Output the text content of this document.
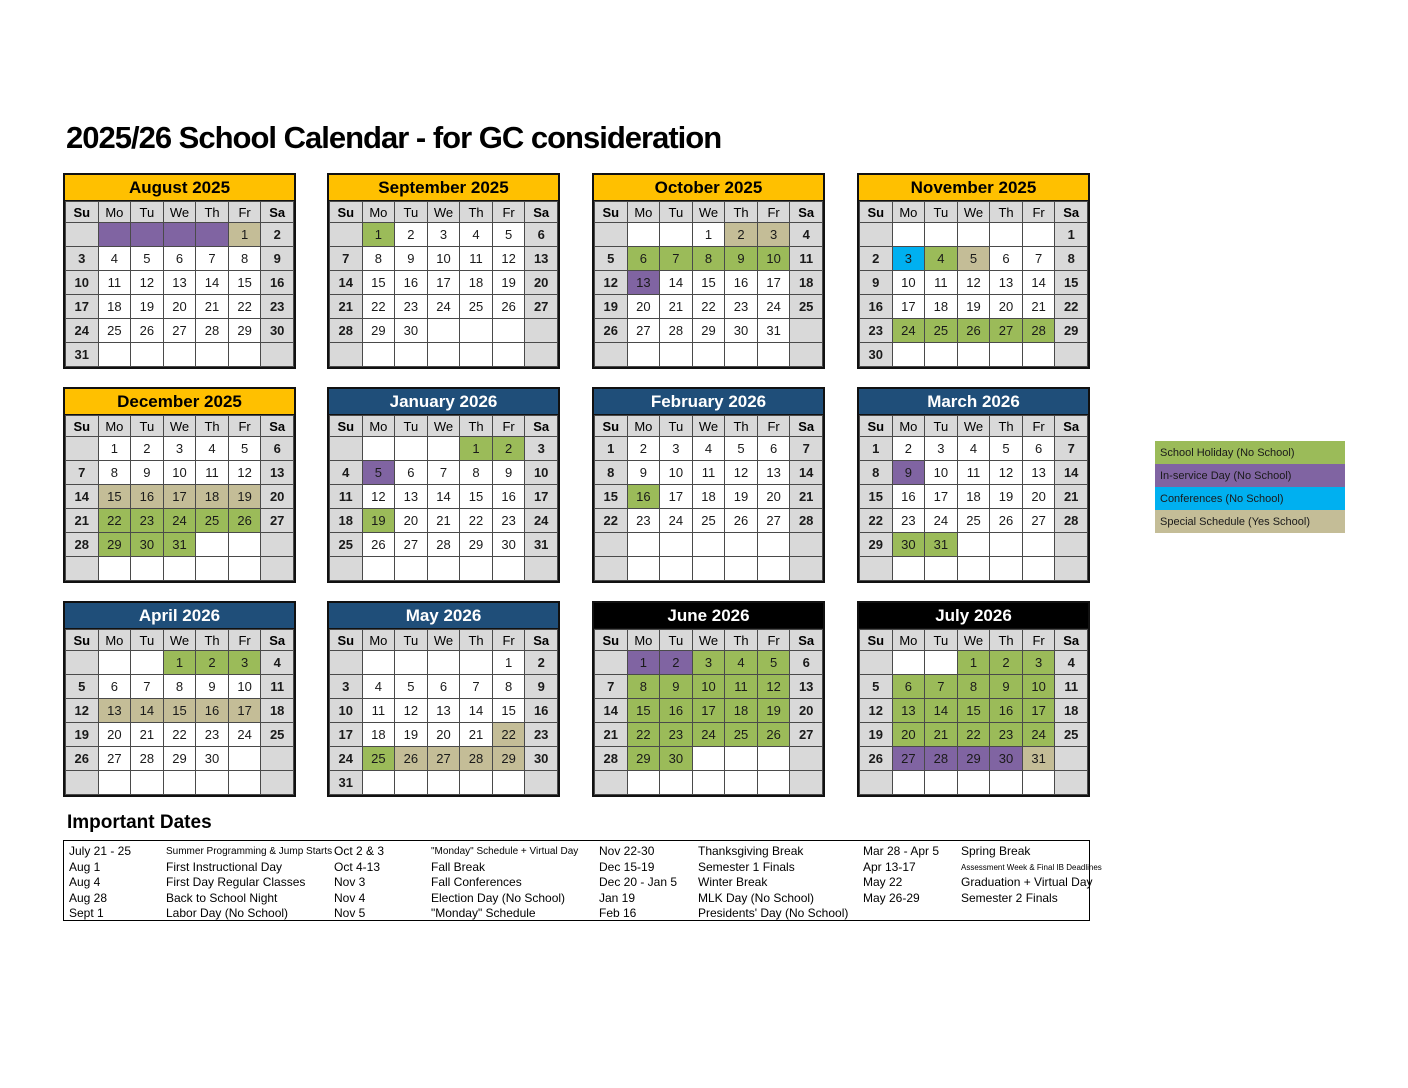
2025/26 School Calendar - for GC consideration
August 2025
Su	Mo	Tu	We	Th	Fr	Sa
					1	2
3	4	5	6	7	8	9
10	11	12	13	14	15	16
17	18	19	20	21	22	23
24	25	26	27	28	29	30
31						
September 2025
Su	Mo	Tu	We	Th	Fr	Sa
	1	2	3	4	5	6
7	8	9	10	11	12	13
14	15	16	17	18	19	20
21	22	23	24	25	26	27
28	29	30				

October 2025
Su	Mo	Tu	We	Th	Fr	Sa
			1	2	3	4
5	6	7	8	9	10	11
12	13	14	15	16	17	18
19	20	21	22	23	24	25
26	27	28	29	30	31	

November 2025
Su	Mo	Tu	We	Th	Fr	Sa
						1
2	3	4	5	6	7	8
9	10	11	12	13	14	15
16	17	18	19	20	21	22
23	24	25	26	27	28	29
30						
December 2025
Su	Mo	Tu	We	Th	Fr	Sa
	1	2	3	4	5	6
7	8	9	10	11	12	13
14	15	16	17	18	19	20
21	22	23	24	25	26	27
28	29	30	31			

January 2026
Su	Mo	Tu	We	Th	Fr	Sa
				1	2	3
4	5	6	7	8	9	10
11	12	13	14	15	16	17
18	19	20	21	22	23	24
25	26	27	28	29	30	31

February 2026
Su	Mo	Tu	We	Th	Fr	Sa
1	2	3	4	5	6	7
8	9	10	11	12	13	14
15	16	17	18	19	20	21
22	23	24	25	26	27	28

March 2026
Su	Mo	Tu	We	Th	Fr	Sa
1	2	3	4	5	6	7
8	9	10	11	12	13	14
15	16	17	18	19	20	21
22	23	24	25	26	27	28
29	30	31				

April 2026
Su	Mo	Tu	We	Th	Fr	Sa
			1	2	3	4
5	6	7	8	9	10	11
12	13	14	15	16	17	18
19	20	21	22	23	24	25
26	27	28	29	30		

May 2026
Su	Mo	Tu	We	Th	Fr	Sa
					1	2
3	4	5	6	7	8	9
10	11	12	13	14	15	16
17	18	19	20	21	22	23
24	25	26	27	28	29	30
31						
June 2026
Su	Mo	Tu	We	Th	Fr	Sa
	1	2	3	4	5	6
7	8	9	10	11	12	13
14	15	16	17	18	19	20
21	22	23	24	25	26	27
28	29	30				

July 2026
Su	Mo	Tu	We	Th	Fr	Sa
			1	2	3	4
5	6	7	8	9	10	11
12	13	14	15	16	17	18
19	20	21	22	23	24	25
26	27	28	29	30	31	

School Holiday (No School)
In-service Day (No School)
Conferences (No School)
Special Schedule (Yes School)
Important Dates
July 21 - 25	Summer Programming & Jump Starts
Aug 1	First Instructional Day
Aug 4	First Day Regular Classes
Aug 28	Back to School Night
Sept 1	Labor Day (No School)
Oct 2 & 3	"Monday" Schedule + Virtual Day
Oct 4-13	Fall Break
Nov 3	Fall Conferences
Nov 4	Election Day (No School)
Nov 5	"Monday" Schedule
Nov 22-30	Thanksgiving Break
Dec 15-19	Semester 1 Finals
Dec 20 - Jan 5 Winter Break
Jan 19	MLK Day (No School)
Feb 16	Presidents' Day (No School)
Mar 28 - Apr 5 Spring Break
Apr 13-17	Assessment Week & Final IB Deadlines
May 22	Graduation + Virtual Day
May 26-29	Semester 2 Finals
